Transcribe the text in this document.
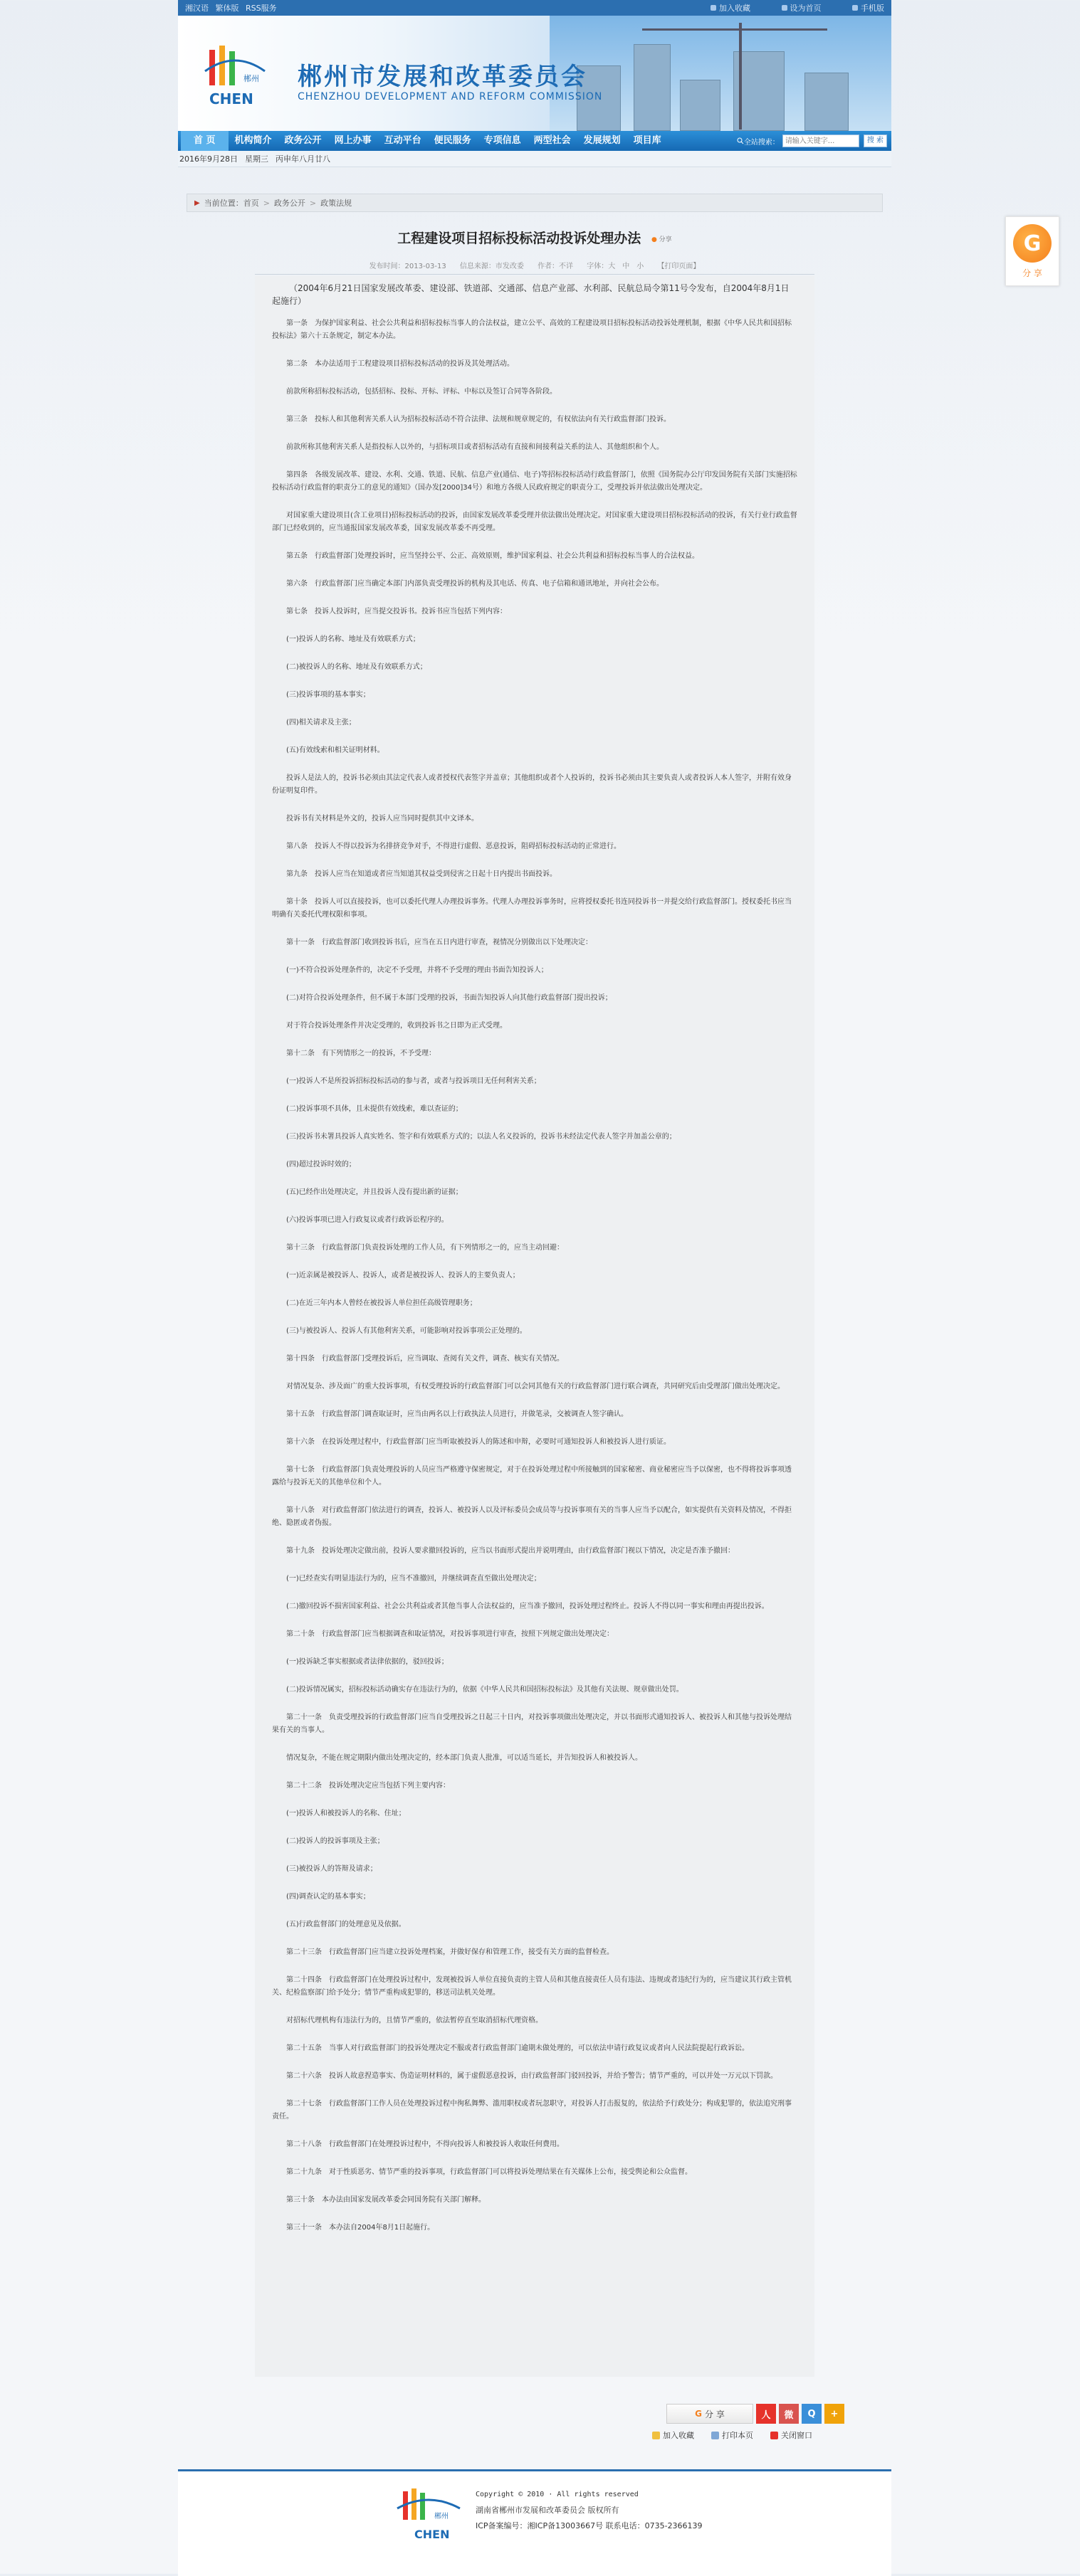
湘汉语 繁体版 RSS服务	加入收藏
	设为首页
	手机版
CHEN
郴州 郴州市发展和改革委员会
CHENZHOU DEVELOPMENT AND REFORM COMMISSION
首 页	机构简介	政务公开	网上办事	互动平台	便民服务	专项信息	两型社会	发展规划	项目库	全站搜索：
请输入关键字...	搜 索
2016年9月28日 星期三 丙申年八月廿八
▶ 当前位置： 首页 > 政务公开 > 政策法规
工程建设项目招标投标活动投诉处理办法 ● 分享
发布时间：2013-03-13 信息来源：市发改委 作者：不详 字体：大　中　小 【打印页面】

（2004年6月21日国家发展改革委、建设部、铁道部、交通部、信息产业部、水利部、民航总局令第11号令发布，自2004年8月1日起施行）

第一条　为保护国家利益、社会公共利益和招标投标当事人的合法权益，建立公平、高效的工程建设项目招标投标活动投诉处理机制，根据《中华人民共和国招标投标法》第六十五条规定，制定本办法。

第二条　本办法适用于工程建设项目招标投标活动的投诉及其处理活动。

前款所称招标投标活动，包括招标、投标、开标、评标、中标以及签订合同等各阶段。

第三条　投标人和其他利害关系人认为招标投标活动不符合法律、法规和规章规定的，有权依法向有关行政监督部门投诉。

前款所称其他利害关系人是指投标人以外的，与招标项目或者招标活动有直接和间接利益关系的法人、其他组织和个人。

第四条　各级发展改革、建设、水利、交通、铁道、民航、信息产业(通信、电子)等招标投标活动行政监督部门，依照《国务院办公厅印发国务院有关部门实施招标投标活动行政监督的职责分工的意见的通知》（国办发[2000]34号）和地方各级人民政府规定的职责分工，受理投诉并依法做出处理决定。

对国家重大建设项目(含工业项目)招标投标活动的投诉，由国家发展改革委受理并依法做出处理决定。对国家重大建设项目招标投标活动的投诉，有关行业行政监督部门已经收到的，应当通报国家发展改革委，国家发展改革委不再受理。

第五条　行政监督部门处理投诉时，应当坚持公平、公正、高效原则，维护国家利益、社会公共利益和招标投标当事人的合法权益。

第六条　行政监督部门应当确定本部门内部负责受理投诉的机构及其电话、传真、电子信箱和通讯地址，并向社会公布。

第七条　投诉人投诉时，应当提交投诉书。投诉书应当包括下列内容：

(一)投诉人的名称、地址及有效联系方式；

(二)被投诉人的名称、地址及有效联系方式；

(三)投诉事项的基本事实；

(四)相关请求及主张；

(五)有效线索和相关证明材料。

投诉人是法人的，投诉书必须由其法定代表人或者授权代表签字并盖章；其他组织或者个人投诉的，投诉书必须由其主要负责人或者投诉人本人签字，并附有效身份证明复印件。

投诉书有关材料是外文的，投诉人应当同时提供其中文译本。

第八条　投诉人不得以投诉为名排挤竞争对手，不得进行虚假、恶意投诉，阻碍招标投标活动的正常进行。

第九条　投诉人应当在知道或者应当知道其权益受到侵害之日起十日内提出书面投诉。

第十条　投诉人可以直接投诉，也可以委托代理人办理投诉事务。代理人办理投诉事务时，应将授权委托书连同投诉书一并提交给行政监督部门。授权委托书应当明确有关委托代理权限和事项。

第十一条　行政监督部门收到投诉书后，应当在五日内进行审查，视情况分别做出以下处理决定：

(一)不符合投诉处理条件的，决定不予受理，并将不予受理的理由书面告知投诉人；

(二)对符合投诉处理条件，但不属于本部门受理的投诉，书面告知投诉人向其他行政监督部门提出投诉；

对于符合投诉处理条件并决定受理的，收到投诉书之日即为正式受理。

第十二条　有下列情形之一的投诉，不予受理：

(一)投诉人不是所投诉招标投标活动的参与者，或者与投诉项目无任何利害关系；

(二)投诉事项不具体，且未提供有效线索，难以查证的；

(三)投诉书未署具投诉人真实姓名、签字和有效联系方式的；以法人名义投诉的，投诉书未经法定代表人签字并加盖公章的；

(四)超过投诉时效的；

(五)已经作出处理决定，并且投诉人没有提出新的证据；

(六)投诉事项已进入行政复议或者行政诉讼程序的。

第十三条　行政监督部门负责投诉处理的工作人员，有下列情形之一的，应当主动回避：

(一)近亲属是被投诉人、投诉人，或者是被投诉人、投诉人的主要负责人；

(二)在近三年内本人曾经在被投诉人单位担任高级管理职务；

(三)与被投诉人、投诉人有其他利害关系，可能影响对投诉事项公正处理的。

第十四条　行政监督部门受理投诉后，应当调取、查阅有关文件，调查、核实有关情况。

对情况复杂、涉及面广的重大投诉事项，有权受理投诉的行政监督部门可以会同其他有关的行政监督部门进行联合调查，共同研究后由受理部门做出处理决定。

第十五条　行政监督部门调查取证时，应当由两名以上行政执法人员进行，并做笔录，交被调查人签字确认。

第十六条　在投诉处理过程中，行政监督部门应当听取被投诉人的陈述和申辩，必要时可通知投诉人和被投诉人进行质证。

第十七条　行政监督部门负责处理投诉的人员应当严格遵守保密规定，对于在投诉处理过程中所接触到的国家秘密、商业秘密应当予以保密，也不得将投诉事项透露给与投诉无关的其他单位和个人。

第十八条　对行政监督部门依法进行的调查，投诉人、被投诉人以及评标委员会成员等与投诉事项有关的当事人应当予以配合，如实提供有关资料及情况，不得拒绝、隐匿或者伪报。

第十九条　投诉处理决定做出前，投诉人要求撤回投诉的，应当以书面形式提出并说明理由，由行政监督部门视以下情况，决定是否准予撤回：

(一)已经查实有明显违法行为的，应当不准撤回，并继续调查直至做出处理决定；

(二)撤回投诉不损害国家利益、社会公共利益或者其他当事人合法权益的，应当准予撤回，投诉处理过程终止。投诉人不得以同一事实和理由再提出投诉。

第二十条　行政监督部门应当根据调查和取证情况，对投诉事项进行审查，按照下列规定做出处理决定：

(一)投诉缺乏事实根据或者法律依据的，驳回投诉；

(二)投诉情况属实，招标投标活动确实存在违法行为的，依据《中华人民共和国招标投标法》及其他有关法规、规章做出处罚。

第二十一条　负责受理投诉的行政监督部门应当自受理投诉之日起三十日内，对投诉事项做出处理决定，并以书面形式通知投诉人、被投诉人和其他与投诉处理结果有关的当事人。

情况复杂，不能在规定期限内做出处理决定的，经本部门负责人批准，可以适当延长，并告知投诉人和被投诉人。

第二十二条　投诉处理决定应当包括下列主要内容：

(一)投诉人和被投诉人的名称、住址；

(二)投诉人的投诉事项及主张；

(三)被投诉人的答辩及请求；

(四)调查认定的基本事实；

(五)行政监督部门的处理意见及依据。

第二十三条　行政监督部门应当建立投诉处理档案，并做好保存和管理工作，接受有关方面的监督检查。

第二十四条　行政监督部门在处理投诉过程中，发现被投诉人单位直接负责的主管人员和其他直接责任人员有违法、违规或者违纪行为的，应当建议其行政主管机关、纪检监察部门给予处分；情节严重构成犯罪的，移送司法机关处理。

对招标代理机构有违法行为的，且情节严重的，依法暂停直至取消招标代理资格。

第二十五条　当事人对行政监督部门的投诉处理决定不服或者行政监督部门逾期未做处理的，可以依法申请行政复议或者向人民法院提起行政诉讼。

第二十六条　投诉人故意捏造事实、伪造证明材料的，属于虚假恶意投诉，由行政监督部门驳回投诉，并给予警告；情节严重的，可以并处一万元以下罚款。

第二十七条　行政监督部门工作人员在处理投诉过程中徇私舞弊、滥用职权或者玩忽职守，对投诉人打击报复的，依法给予行政处分；构成犯罪的，依法追究刑事责任。

第二十八条　行政监督部门在处理投诉过程中，不得向投诉人和被投诉人收取任何费用。

第二十九条　对于性质恶劣、情节严重的投诉事项，行政监督部门可以将投诉处理结果在有关媒体上公布，接受舆论和公众监督。

第三十条　本办法由国家发展改革委会同国务院有关部门解释。

第三十一条　本办法自2004年8月1日起施行。

G
分 享
G 分 享	人	微	Q	+
加入收藏	打印本页	关闭窗口
CHEN
郴州
Copyright © 2010 · All rights reserved
湖南省郴州市发展和改革委员会 版权所有
ICP备案编号：湘ICP备13003667号 联系电话：0735-2366139
